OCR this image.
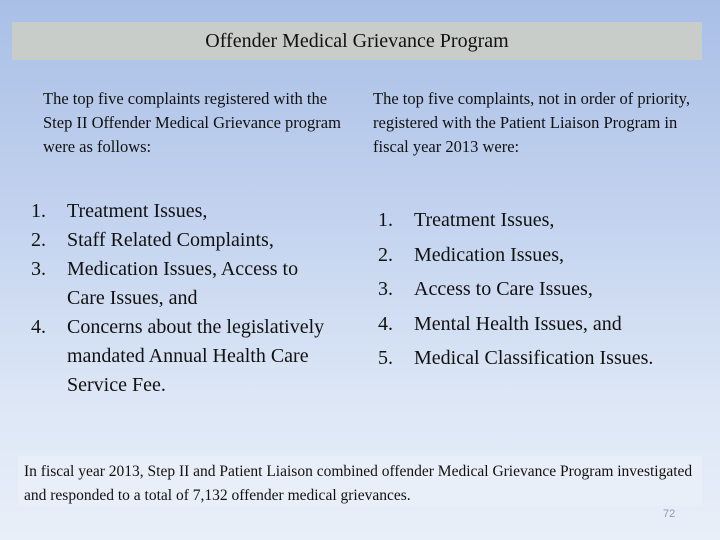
Offender Medical Grievance Program

The top five complaints registered with the Step II Offender Medical Grievance program were as follows:

The top five complaints, not in order of priority, registered with the Patient Liaison Program in fiscal year 2013 were:

1. Treatment Issues,
2. Staff Related Complaints,
3. Medication Issues, Access to Care Issues, and
4. Concerns about the legislatively mandated Annual Health Care Service Fee.
1. Treatment Issues,
2. Medication Issues,
3. Access to Care Issues,
4. Mental Health Issues, and
5. Medical Classification Issues.

In fiscal year 2013, Step II and Patient Liaison combined offender Medical Grievance Program investigated and responded to a total of 7,132 offender medical grievances.

72
